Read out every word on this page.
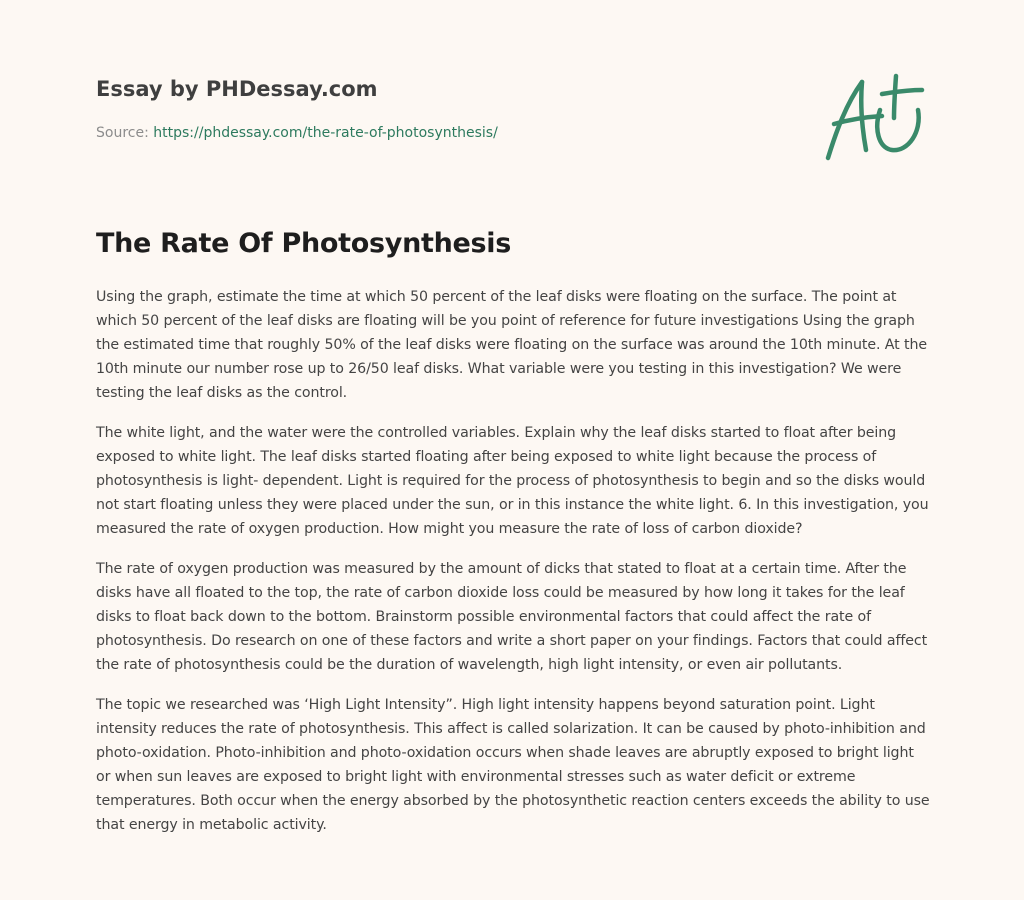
Essay by PHDessay.com
Source: https://phdessay.com/the-rate-of-photosynthesis/
The Rate Of Photosynthesis

Using the graph, estimate the time at which 50 percent of the leaf disks were floating on the surface. The point at which 50 percent of the leaf disks are floating will be you point of reference for future investigations Using the graph the estimated time that roughly 50% of the leaf disks were floating on the surface was around the 10th minute. At the 10th minute our number rose up to 26/50 leaf disks. What variable were you testing in this investigation? We were testing the leaf disks as the control.

The white light, and the water were the controlled variables. Explain why the leaf disks started to float after being exposed to white light. The leaf disks started floating after being exposed to white light because the process of photosynthesis is light- dependent. Light is required for the process of photosynthesis to begin and so the disks would not start floating unless they were placed under the sun, or in this instance the white light. 6. In this investigation, you measured the rate of oxygen production. How might you measure the rate of loss of carbon dioxide?

The rate of oxygen production was measured by the amount of dicks that stated to float at a certain time. After the disks have all floated to the top, the rate of carbon dioxide loss could be measured by how long it takes for the leaf disks to float back down to the bottom. Brainstorm possible environmental factors that could affect the rate of photosynthesis. Do research on one of these factors and write a short paper on your findings. Factors that could affect the rate of photosynthesis could be the duration of wavelength, high light intensity, or even air pollutants.

The topic we researched was ‘High Light Intensity”. High light intensity happens beyond saturation point. Light intensity reduces the rate of photosynthesis. This affect is called solarization. It can be caused by photo-inhibition and photo-oxidation. Photo-inhibition and photo-oxidation occurs when shade leaves are abruptly exposed to bright light or when sun leaves are exposed to bright light with environmental stresses such as water deficit or extreme temperatures. Both occur when the energy absorbed by the photosynthetic reaction centers exceeds the ability to use that energy in metabolic activity.
